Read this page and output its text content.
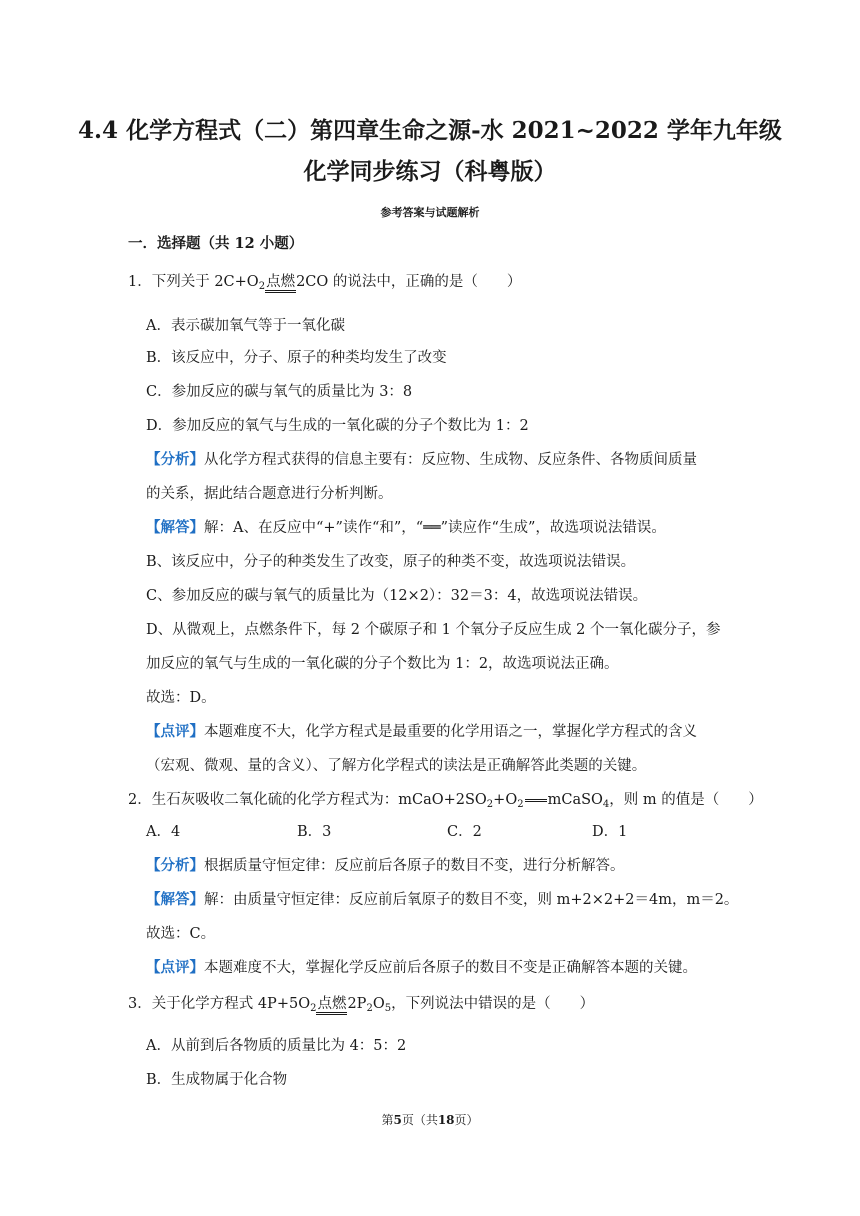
4.4 化学方程式（二）第四章生命之源-水 2021~2022 学年九年级
化学同步练习（科粤版）
参考答案与试题解析
一．选择题（共 12 小题）
1．下列关于 $2C+O_2$点燃2CO 的说法中，正确的是（　　）
A．表示碳加氧气等于一氧化碳
B．该反应中，分子、原子的种类均发生了改变
C．参加反应的碳与氧气的质量比为 3：8
D．参加反应的氧气与生成的一氧化碳的分子个数比为 1：2
【分析】从化学方程式获得的信息主要有：反应物、生成物、反应条件、各物质间质量
的关系，据此结合题意进行分析判断。
【解答】解：A、在反应中“+”读作“和”，“══”读应作“生成”，故选项说法错误。
B、该反应中，分子的种类发生了改变，原子的种类不变，故选项说法错误。
C、参加反应的碳与氧气的质量比为（12×2）：32＝3：4，故选项说法错误。
D、从微观上，点燃条件下，每 2 个碳原子和 1 个氧分子反应生成 2 个一氧化碳分子，参
加反应的氧气与生成的一氧化碳的分子个数比为 1：2，故选项说法正确。
故选：D。
【点评】本题难度不大，化学方程式是最重要的化学用语之一，掌握化学方程式的含义
（宏观、微观、量的含义）、了解方化学程式的读法是正确解答此类题的关键。
2．生石灰吸收二氧化硫的化学方程式为：$mCaO+2SO_2+O_2$ mCaSO$_4$，则 m 的值是（　　）
A．4	B．3	C．2	D．1
【分析】根据质量守恒定律：反应前后各原子的数目不变，进行分析解答。
【解答】解：由质量守恒定律：反应前后氧原子的数目不变，则 m+2×2+2＝4m，m＝2。
故选：C。
【点评】本题难度不大，掌握化学反应前后各原子的数目不变是正确解答本题的关键。
3．关于化学方程式 $4P+5O_2$点燃$2P_2O_5$，下列说法中错误的是（　　）
A．从前到后各物质的质量比为 4：5：2
B．生成物属于化合物
第5页（共18页）
